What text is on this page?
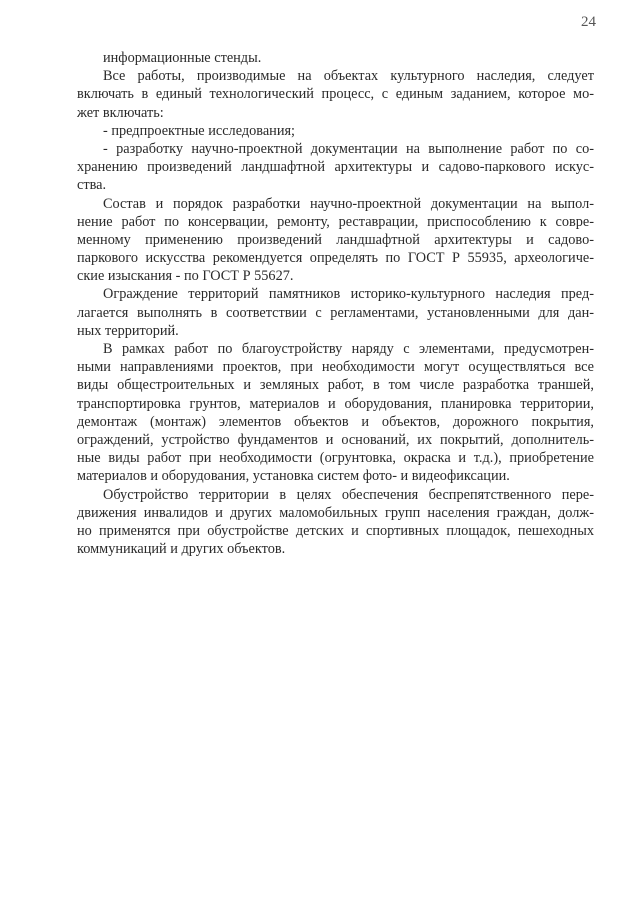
24
информационные стенды.
Все работы, производимые на объектах культурного наследия, следует
включать в единый технологический процесс, с единым заданием, которое мо-
жет включать:
- предпроектные исследования;
- разработку научно-проектной документации на выполнение работ по со-
хранению произведений ландшафтной архитектуры и садово-паркового искус-
ства.
Состав и порядок разработки научно-проектной документации на выпол-
нение работ по консервации, ремонту, реставрации, приспособлению к совре-
менному применению произведений ландшафтной архитектуры и садово-
паркового искусства рекомендуется определять по ГОСТ Р 55935, археологиче-
ские изыскания - по ГОСТ Р 55627.
Ограждение территорий памятников историко-культурного наследия пред-
лагается выполнять в соответствии с регламентами, установленными для дан-
ных территорий.
В рамках работ по благоустройству наряду с элементами, предусмотрен-
ными направлениями проектов, при необходимости могут осуществляться все
виды общестроительных и земляных работ, в том числе разработка траншей,
транспортировка грунтов, материалов и оборудования, планировка территории,
демонтаж (монтаж) элементов объектов и объектов, дорожного покрытия,
ограждений, устройство фундаментов и оснований, их покрытий, дополнитель-
ные виды работ при необходимости (огрунтовка, окраска и т.д.), приобретение
материалов и оборудования, установка систем фото- и видеофиксации.
Обустройство территории в целях обеспечения беспрепятственного пере-
движения инвалидов и других маломобильных групп населения граждан, долж-
но применятся при обустройстве детских и спортивных площадок, пешеходных
коммуникаций и других объектов.
